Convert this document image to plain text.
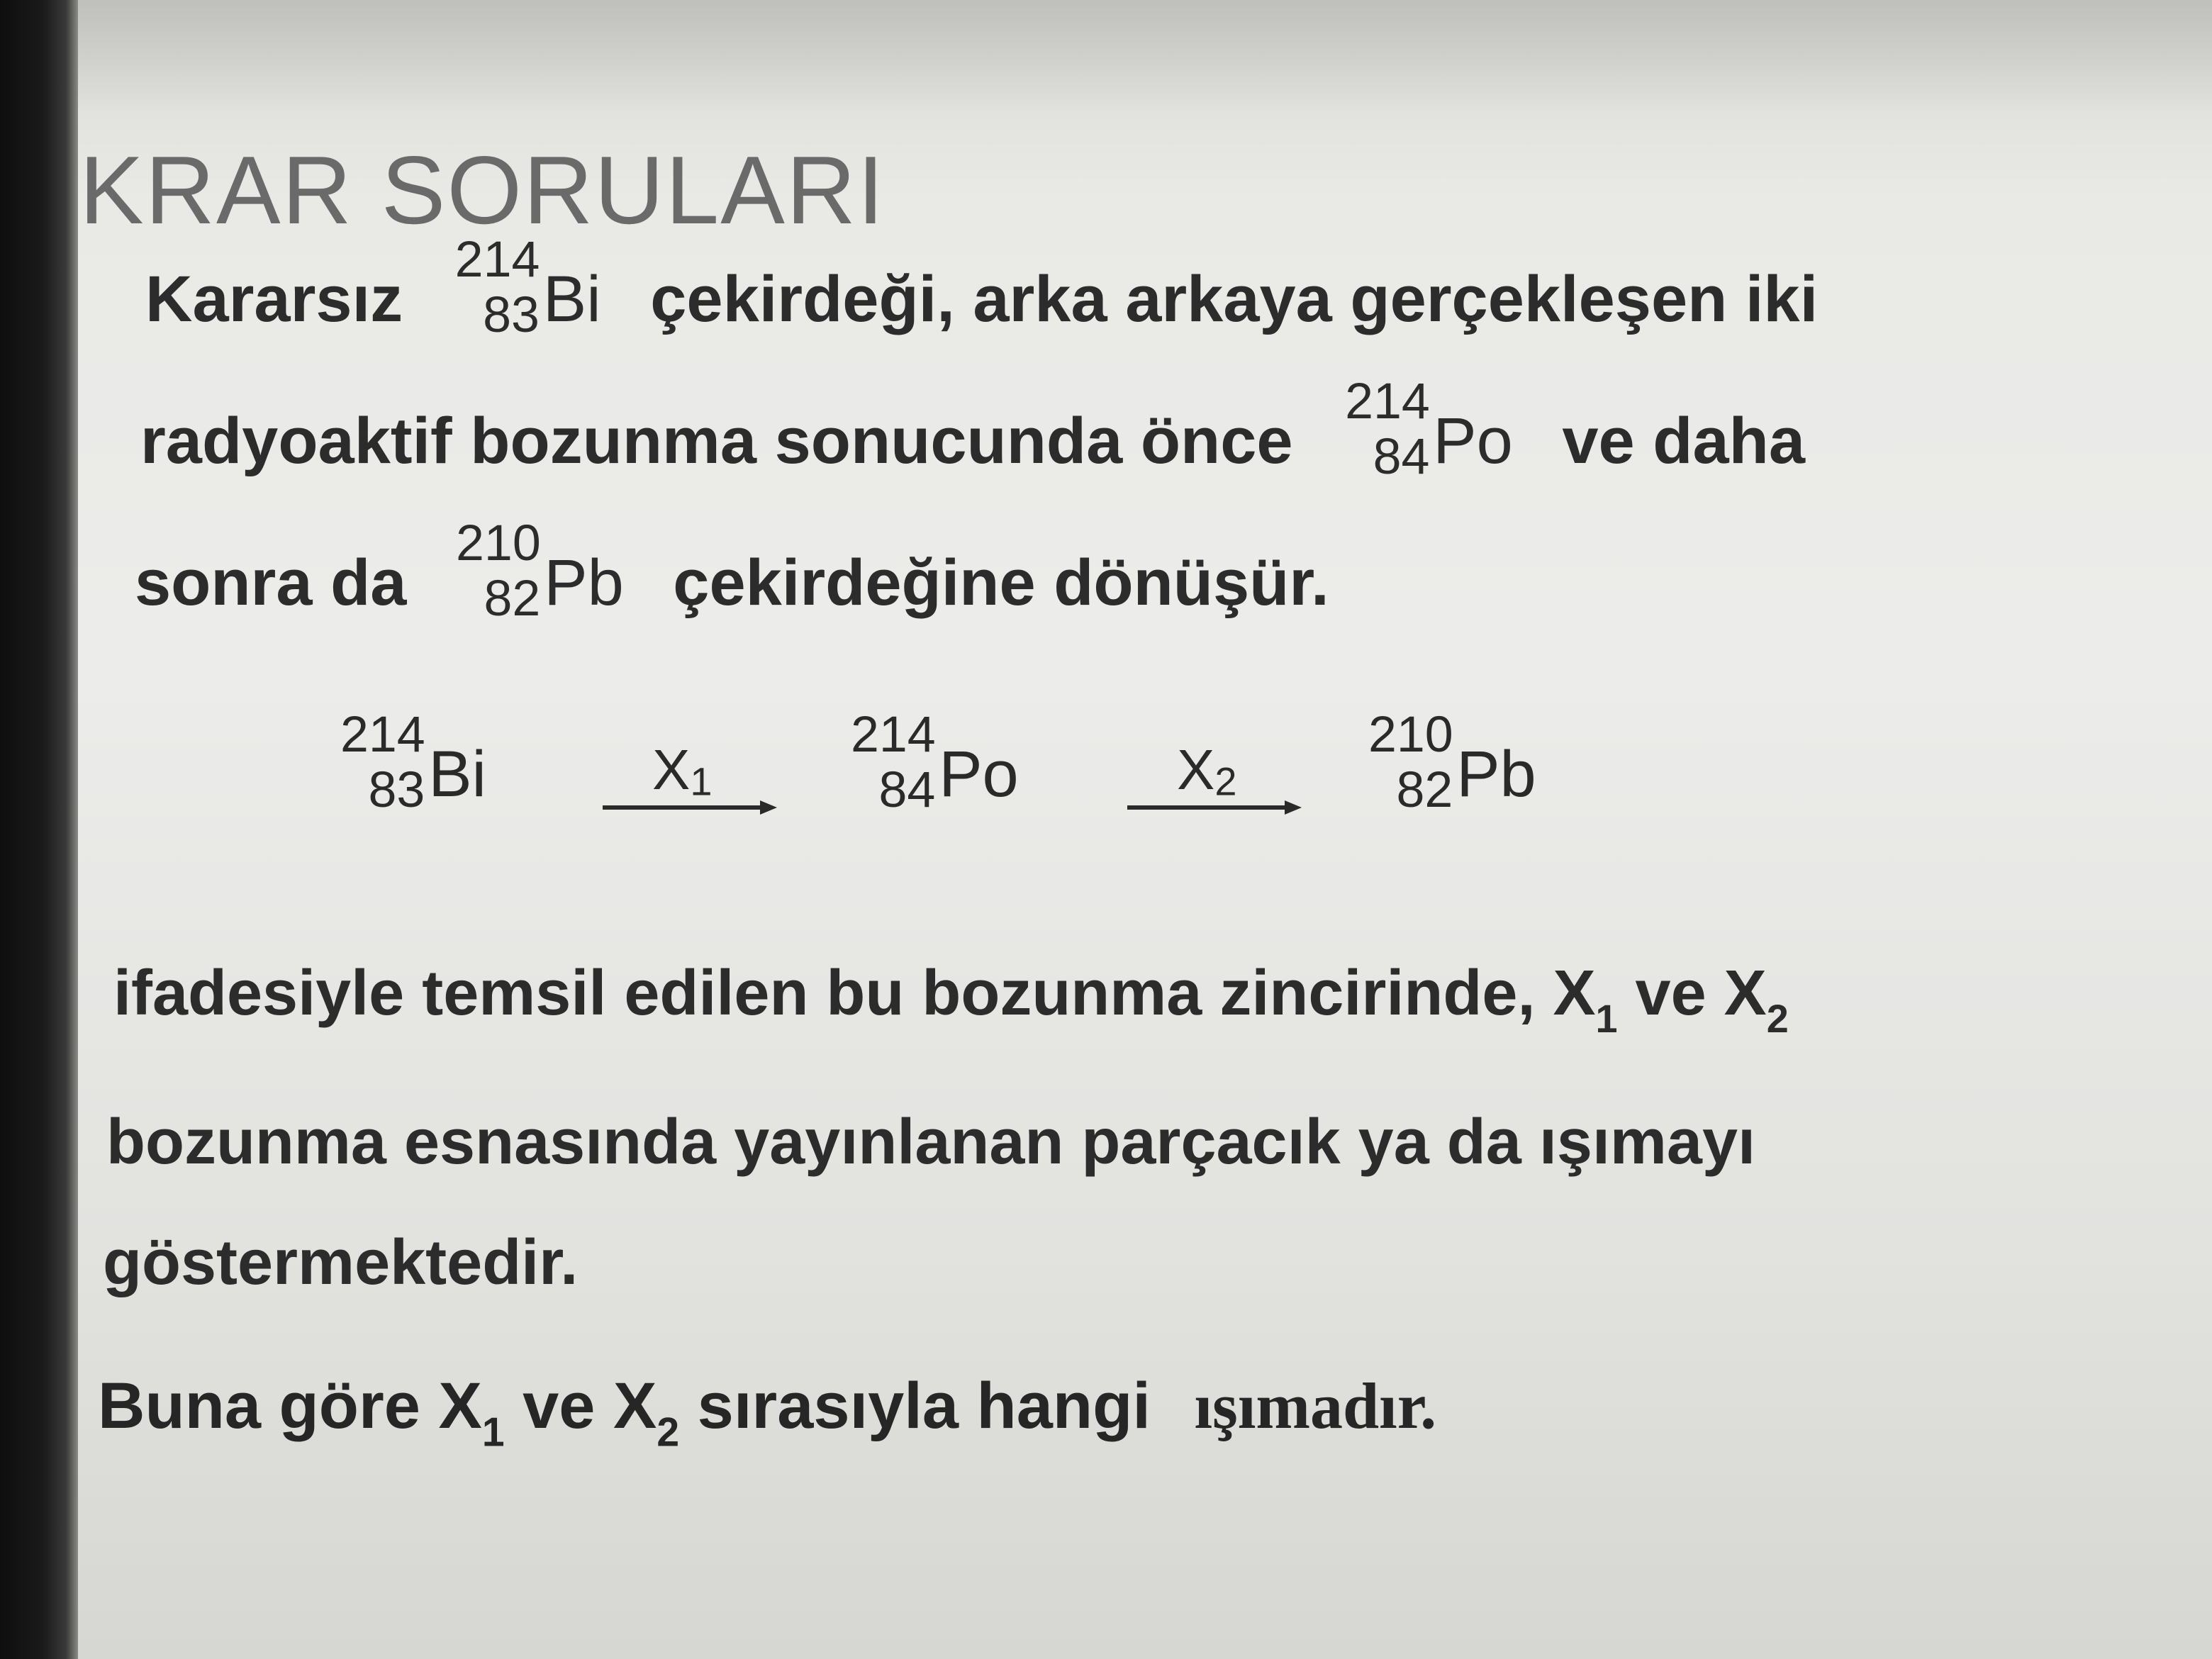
KRAR SORULARI
Kararsız
214
83 Bi çekirdeği, arka arkaya gerçekleşen iki
radyoaktif bozunma sonucunda önce
214
84 Po ve daha
sonra da
210
82 Pb çekirdeğine dönüşür.
214
83 Bi	$X_1$
214
84 Po	$X_2$
210
82 Pb
ifadesiyle temsil edilen bu bozunma zincirinde, $X_1$ ve $X_2$
bozunma esnasında yayınlanan parçacık ya da ışımayı
göstermektedir.
Buna göre $X_1$ ve $X_2$ sırasıyla hangi ışımadır.
